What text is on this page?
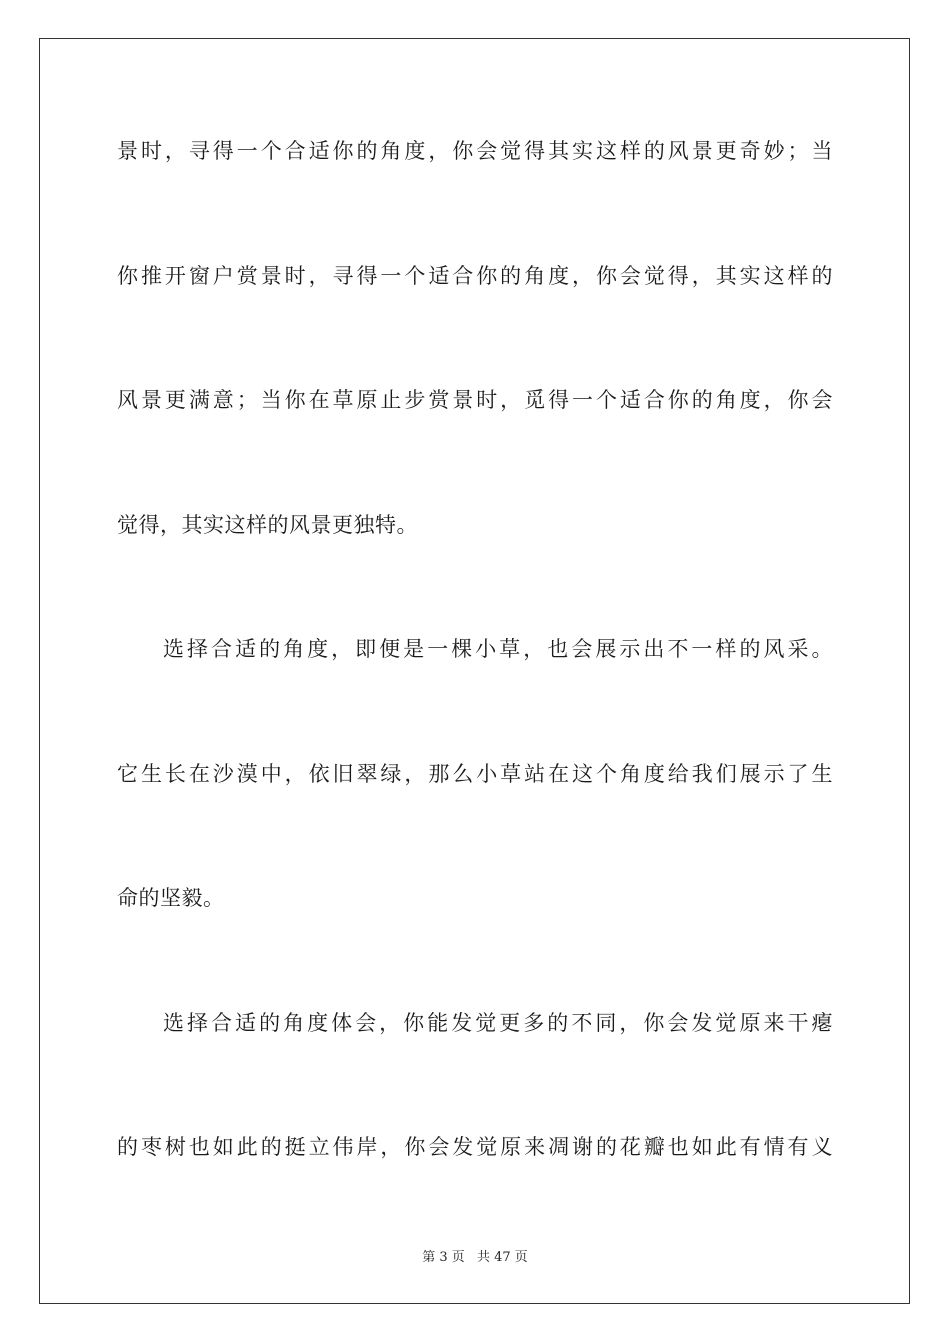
景时，寻得一个合适你的角度，你会觉得其实这样的风景更奇妙；当
你推开窗户赏景时，寻得一个适合你的角度，你会觉得，其实这样的
风景更满意；当你在草原止步赏景时，觅得一个适合你的角度，你会
觉得，其实这样的风景更独特。
选择合适的角度，即便是一棵小草，也会展示出不一样的风采。
它生长在沙漠中，依旧翠绿，那么小草站在这个角度给我们展示了生
命的坚毅。
选择合适的角度体会，你能发觉更多的不同，你会发觉原来干瘪
的枣树也如此的挺立伟岸，你会发觉原来凋谢的花瓣也如此有情有义
第 3 页 共 47 页
